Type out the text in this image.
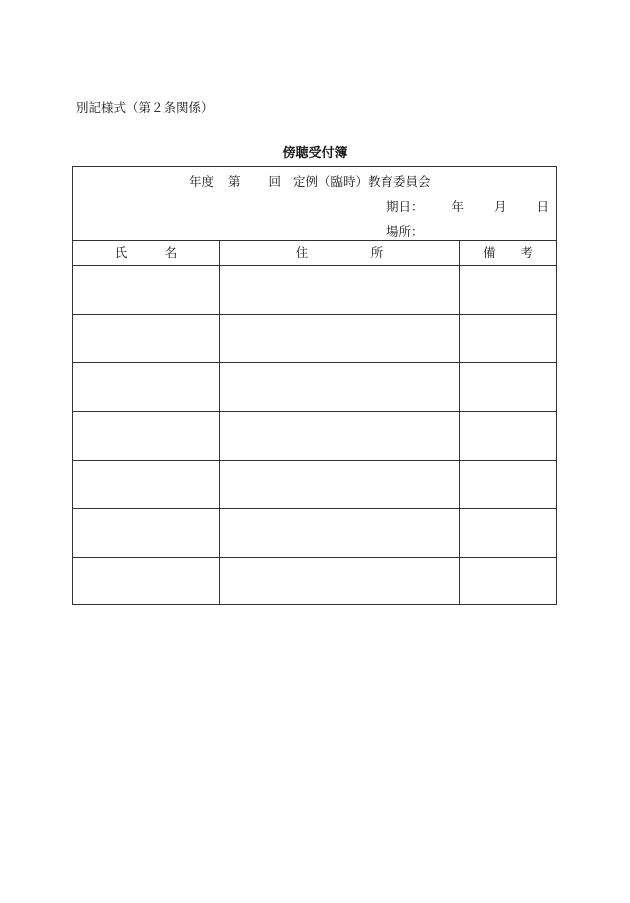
別記様式（第２条関係）
傍聴受付簿
年度 第 回 定例（臨時）教育委員会
期日： 年 月 日
場所：
氏　　　名	住　　　　　所	備　　考
